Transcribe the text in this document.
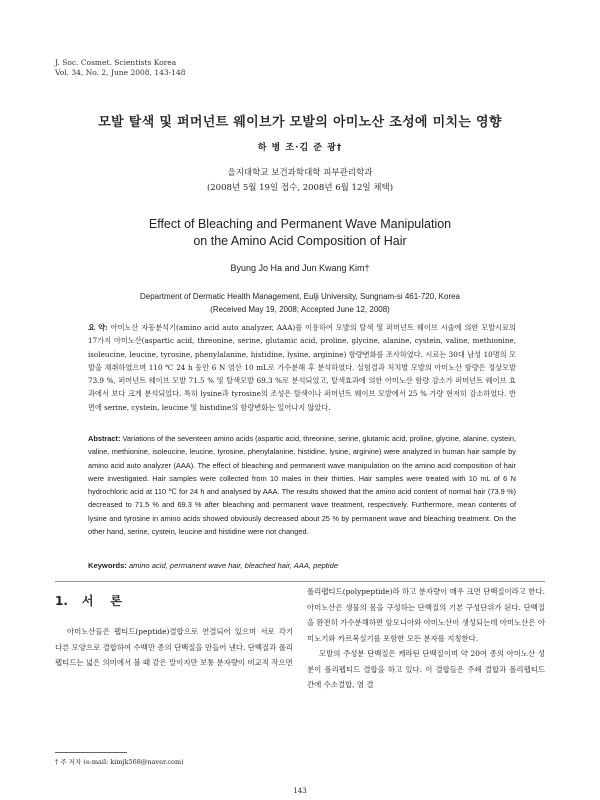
J. Soc. Cosmet. Scientists Korea
Vol. 34, No. 2, June 2008, 143-148
모발 탈색 및 퍼머넌트 웨이브가 모발의 아미노산 조성에 미치는 영향
하 병 조·김 준 광†
을지대학교 보건과학대학 피부관리학과
(2008년 5월 19일 접수, 2008년 6월 12일 채택)
Effect of Bleaching and Permanent Wave Manipulation
on the Amino Acid Composition of Hair
Byung Jo Ha and Jun Kwang Kim†
Department of Dermatic Health Management, Eulji University, Sungnam-si 461-720, Korea
(Received May 19, 2008; Accepted June 12, 2008)
요 약: 아미노산 자동분석기(amino acid auto analyzer, AAA)를 이용하여 모발의 탈색 및 퍼머넌트 웨이브 시술에 의한 모발시료의 17가지 아미노산(aspartic acid, threonine, serine, glutamic acid, proline, glycine, alanine, cystein, valine, methionine, isoleucine, leucine, tyrosine, phenylalanine, histidine, lysine, arginine) 함량변화를 조사하였다. 시료는 30대 남성 10명의 모발을 채취하였으며 110 ℃ 24 h 동안 6 N 염산 10 mL로 가수분해 후 분석하였다. 실험결과 처치별 모발의 아미노산 함량은 정상모발 73.9 %, 퍼머넌트 웨이브 모발 71.5 % 및 탈색모발 69.3 %로 분석되었고, 탈색효과에 의한 아미노산 함량 감소가 퍼머넌트 웨이브 효과에서 보다 크게 분석되었다. 특히 lysine과 tyrosine의 조성은 탈색이나 퍼머넌트 웨이브 모발에서 25 % 가량 현저히 감소하였다. 반면에 serine, cystein, leucine 및 histidine의 함량변화는 일어나지 않았다.
Abstract: Variations of the seventeen amino acids (aspartic acid, threonine, serine, glutamic acid, proline, glycine, alanine, cystein, valine, methionine, isoleucine, leucine, tyrosine, phenylalanine, histidine, lysine, arginine) were analyzed in human hair sample by amino acid auto analyzer (AAA). The effect of bleaching and permanent wave manipulation on the amino acid composition of hair were investigated. Hair samples were collected from 10 males in their thirties. Hair samples were treated with 10 mL of 6 N hydrochloric acid at 110 ℃ for 24 h and analysed by AAA. The results showed that the amino acid content of normal hair (73.9 %) decreased to 71.5 % and 69.3 % after bleaching and permanent wave treatment, respectively. Furthermore, mean contents of lysine and tyrosine in amino acids showed obviously decreased about 25 % by permanent wave and bleaching treatment. On the other hand, serine, cystein, leucine and histidine were not changed.
Keywords: amino acid, permanent wave hair, bleached hair, AAA, peptide
1. 서    론

아미노산들은 펩티드(peptide)결합으로 연결되어 있으며 서로 각기 다른 모양으로 결합하여 수백만 종의 단백질을 만들어 낸다. 단백질과 폴리펩티드는 넓은 의미에서 볼 때 같은 말이지만 보통 분자량이 비교적 작으면

폴리펩티드(polypeptide)라 하고 분자량이 매우 크면 단백질이라고 한다. 아미노산은 생물의 몸을 구성하는 단백질의 기본 구성단위가 된다. 단백질을 완전히 가수분해하면 암모니아와 아미노산이 생성되는데 아미노산은 아미노기와 카르복실기를 포함한 모든 분자를 지칭한다.

모발의 주성분 단백질은 케라틴 단백질이며 약 20여 종의 아미노산 성분이 폴리펩티드 결합을 하고 있다. 이 결합들은 주쇄 결합과 폴리펩티드 간에 수소결합, 염 결

† 주 저자 (e-mail: kimjk568@naver.com)
143
